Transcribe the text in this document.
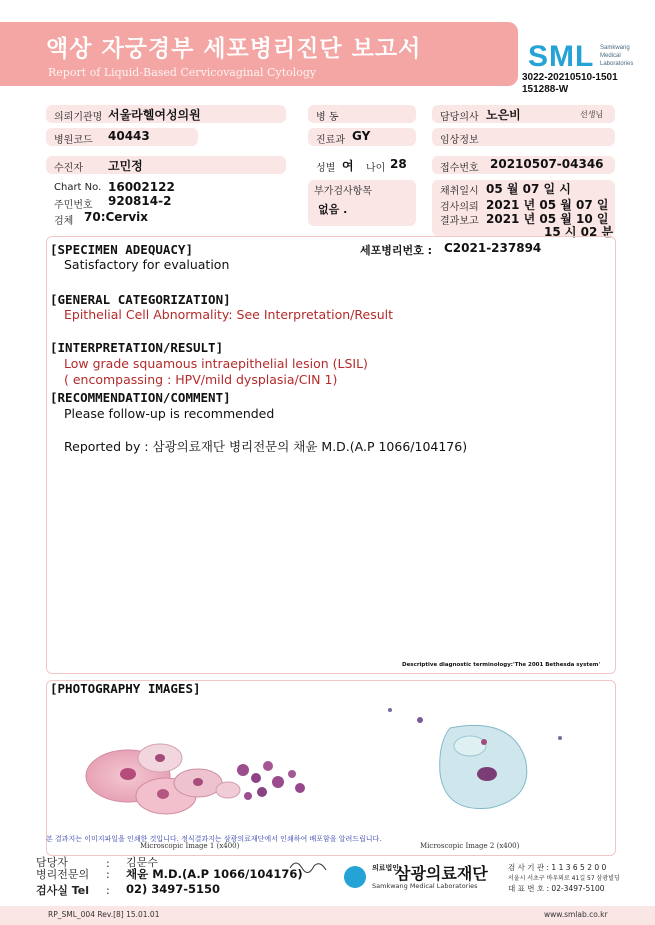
액상 자궁경부 세포병리진단 보고서
Report of Liquid-Based Cervicovaginal Cytology	SML Samkwang
Medical
Laboratories
3022-20210510-1501
151288-W
의뢰기관명 서울라헬여성의원	병 동	담당의사 노은비	선생님
병원코드 40443	진료과 GY	임상정보
수진자 고민정	성별 여 나이 28	접수번호 20210507-04346
Chart No. 16002122
주민번호 920814-2
검체 70:Cervix
부가검사항목
없음 .
채취일시 05 월 07 일 시
검사의뢰 2021 년 05 월 07 일
결과보고 2021 년 05 월 10 일
15 시 02 분
[SPECIMEN ADEQUACY]	세포병리번호 : C2021-237894
Satisfactory for evaluation
[GENERAL CATEGORIZATION]
Epithelial Cell Abnormality: See Interpretation/Result
[INTERPRETATION/RESULT]
Low grade squamous intraepithelial lesion (LSIL)
( encompassing : HPV/mild dysplasia/CIN 1)
[RECOMMENDATION/COMMENT]
Please follow-up is recommended
Reported by : 삼광의료재단 병리전문의 채윤 M.D.(A.P 1066/104176)
Descriptive diagnostic terminology:'The 2001 Bethesda system'
[PHOTOGRAPHY IMAGES]
본 결과지는 이미지파일을 인쇄한 것입니다. 정식결과지는 삼광의료재단에서 인쇄하여 배포함을 알려드립니다.
Microscopic Image 1 (x400)	Microscopic Image 2 (x400)
담당자	: 김문수
병리전문의 : 채윤 M.D.(A.P 1066/104176)
검사실 Tel : 02) 3497-5150
의료법인
삼광의료재단
Samkwang Medical Laboratories
검 사 기 관 : 1 1 3 6 5 2 0 0
서울시 서초구 바우뫼로 41길 57 삼광빌딩
대 표 번 호 : 02-3497-5100
RP_SML_004 Rev.[8] 15.01.01	www.smlab.co.kr
